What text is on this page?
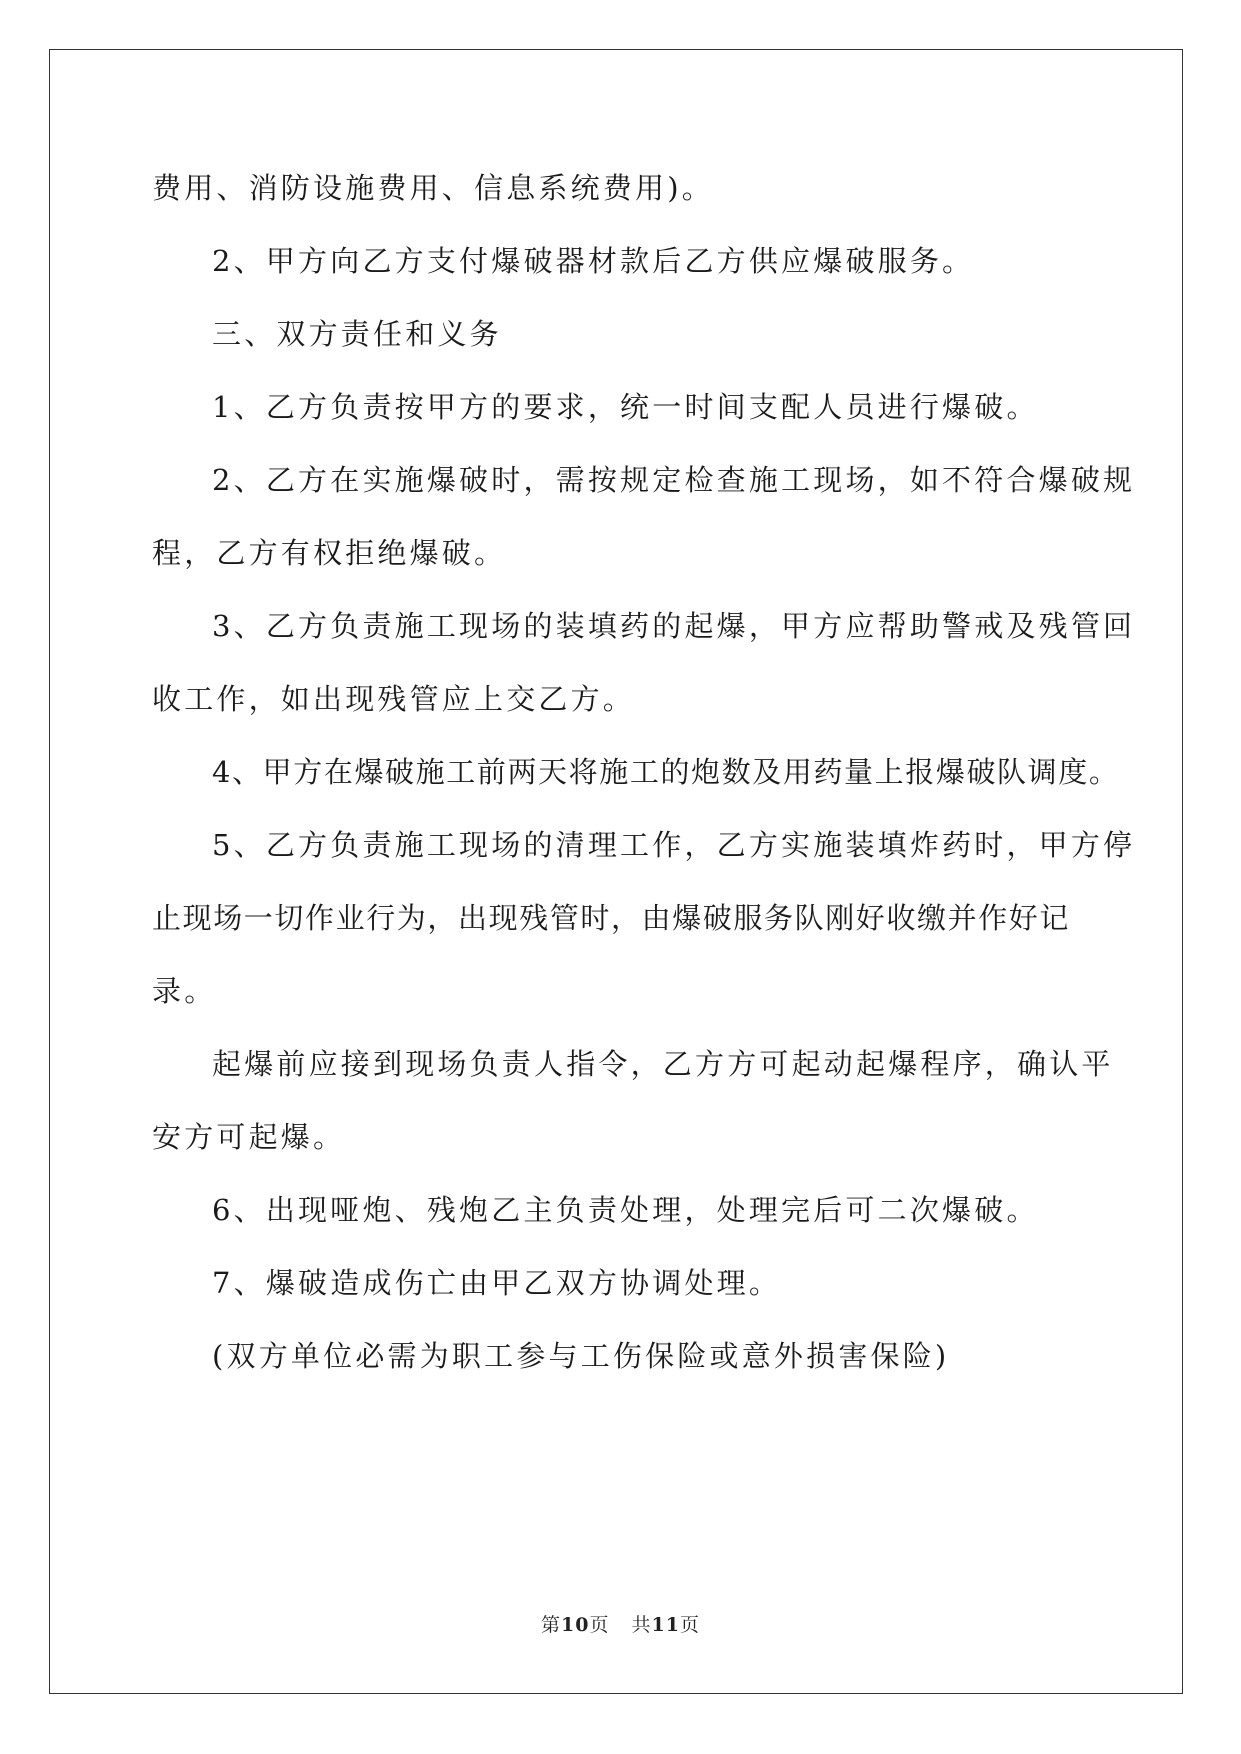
费用、消防设施费用、信息系统费用)。
2、甲方向乙方支付爆破器材款后乙方供应爆破服务。
三、双方责任和义务
1、乙方负责按甲方的要求，统一时间支配人员进行爆破。
2、乙方在实施爆破时，需按规定检查施工现场，如不符合爆破规
程，乙方有权拒绝爆破。
3、乙方负责施工现场的装填药的起爆，甲方应帮助警戒及残管回
收工作，如出现残管应上交乙方。
4、甲方在爆破施工前两天将施工的炮数及用药量上报爆破队调度。
5、乙方负责施工现场的清理工作，乙方实施装填炸药时，甲方停
止现场一切作业行为，出现残管时，由爆破服务队刚好收缴并作好记
录。
起爆前应接到现场负责人指令，乙方方可起动起爆程序，确认平
安方可起爆。
6、出现哑炮、残炮乙主负责处理，处理完后可二次爆破。
7、爆破造成伤亡由甲乙双方协调处理。
(双方单位必需为职工参与工伤保险或意外损害保险)
第10页 共11页
